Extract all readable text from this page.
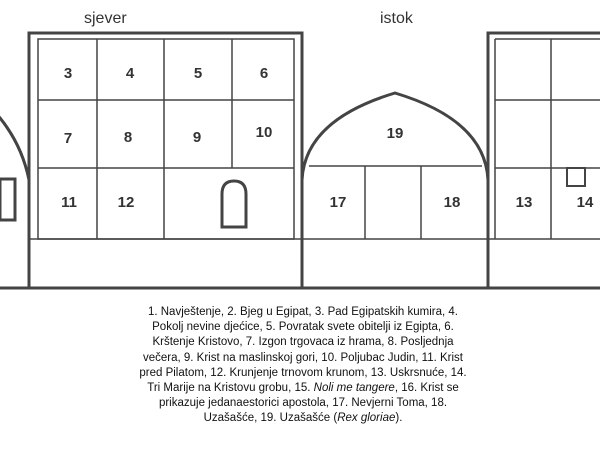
sjever	istok
3	4	5	6
7	8	9	10
11	12
19
17	18	13	14

1. Navještenje, 2. Bjeg u Egipat, 3. Pad Egipatskih kumira, 4. Pokolj nevine djećice, 5. Povratak svete obitelji iz Egipta, 6. Krštenje Kristovo, 7. Izgon trgovaca iz hrama, 8. Posljednja večera, 9. Krist na maslinskoj gori, 10. Poljubac Judin, 11. Krist pred Pilatom, 12. Krunjenje trnovom krunom, 13. Uskrsnuće, 14. Tri Marije na Kristovu grobu, 15. Noli me tangere, 16. Krist se prikazuje jedanaestorici apostola, 17. Nevjerni Toma, 18. Uzašašće, 19. Uzašašće (Rex gloriae).
